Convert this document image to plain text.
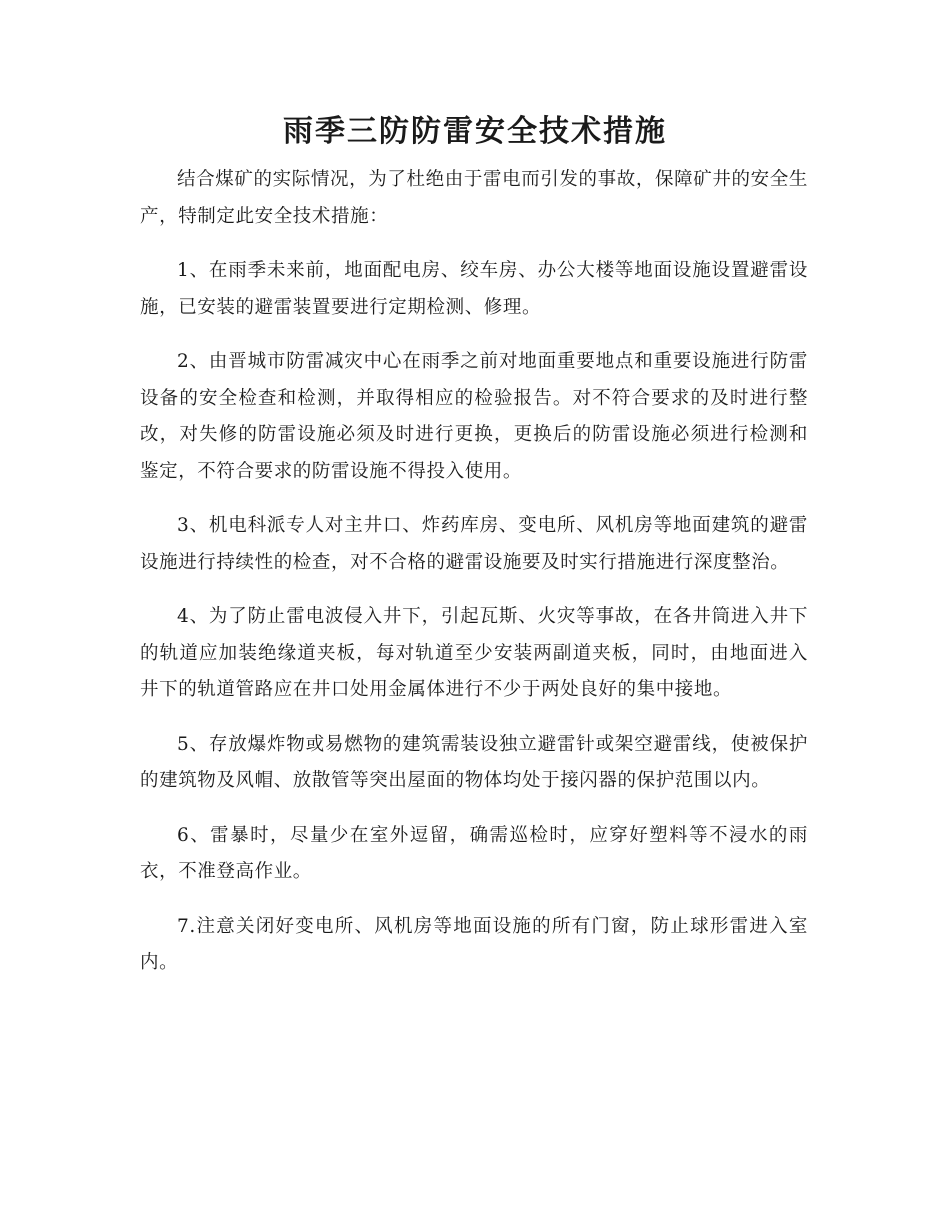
雨季三防防雷安全技术措施

结合煤矿的实际情况，为了杜绝由于雷电而引发的事故，保障矿井的安全生产，特制定此安全技术措施：

1、在雨季未来前，地面配电房、绞车房、办公大楼等地面设施设置避雷设施，已安装的避雷装置要进行定期检测、修理。

2、由晋城市防雷减灾中心在雨季之前对地面重要地点和重要设施进行防雷设备的安全检查和检测，并取得相应的检验报告。对不符合要求的及时进行整改，对失修的防雷设施必须及时进行更换，更换后的防雷设施必须进行检测和鉴定，不符合要求的防雷设施不得投入使用。

3、机电科派专人对主井口、炸药库房、变电所、风机房等地面建筑的避雷设施进行持续性的检查，对不合格的避雷设施要及时实行措施进行深度整治。

4、为了防止雷电波侵入井下，引起瓦斯、火灾等事故，在各井筒进入井下的轨道应加装绝缘道夹板，每对轨道至少安装两副道夹板，同时，由地面进入井下的轨道管路应在井口处用金属体进行不少于两处良好的集中接地。

5、存放爆炸物或易燃物的建筑需装设独立避雷针或架空避雷线，使被保护的建筑物及风帽、放散管等突出屋面的物体均处于接闪器的保护范围以内。

6、雷暴时，尽量少在室外逗留，确需巡检时，应穿好塑料等不浸水的雨衣，不准登高作业。

7.注意关闭好变电所、风机房等地面设施的所有门窗，防止球形雷进入室内。
